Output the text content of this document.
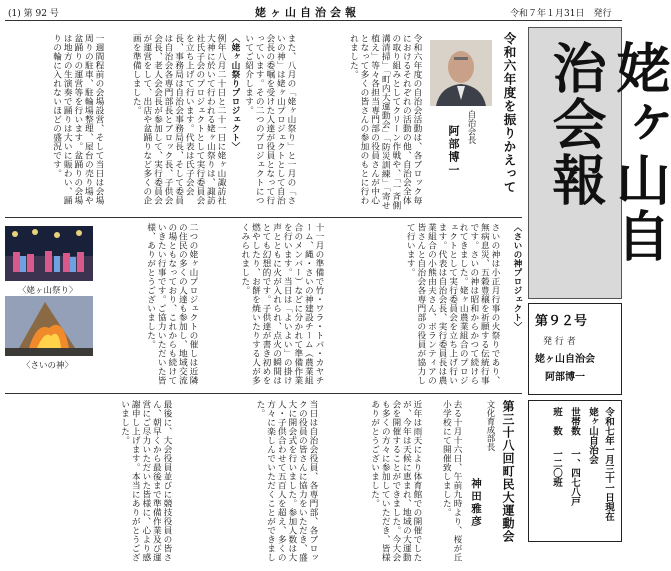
(1) 第 92 号	姥ヶ山自治会報	令和７年１月31日　発行
姥ヶ山自治会報
第９２号
発 行 者
姥ヶ山自治会
阿部博一
令和七年一月三十一日現在
姥ヶ山自治会
世帯数
一、四七八戸
班　数
一二〇班
令和六年度を振りかえって
自治会長
阿部博一
令和六年度の自治会活動は、各ブロック毎におけるそれぞれの活動の他、自治会全体の取り組みとしてクリーン作戦や、「一斉側溝清掃」「町内大運動会」「防災訓練」「寄せ植え」等々各担当専門部の役員さんが中心となって多くの皆さんの参加のもとに行われました。
また、八月の「姥ヶ山祭り」と一月の「さいの神」は姥ヶ山プロジェクトとして自治会長の委嘱を受けた人達が役員となって行っています。その二つのプロジェクトについてご紹介します。
〈姥ヶ山祭りプロジェクト〉
例年八月二十日と二十一日に姥ヶ山諏訪社大神に於いて行われる姥ヶ山祭りは、諏訪社氏子会のプロジェクトとして実行委員会を立ち上げて行います。代表は氏子会会長、事務局は自治会事務局長、そして委員は自治会各専門部長とブロック長、子供会会長、老人会会長が参加して、実行委員会が運営をして、出店や盆踊りなど多くの企画を準備しました。
一週間程前の会場設営、そして当日は会場周りの駐車、駐輪場整理、屋台の売り場や盆踊りの運営等を行います。盆踊りの会場は地方の生演奏で踊りは大いに賑わい、踊りの輪に入れないほどの盛況です。
〈さいの神プロジェクト〉
さいの神は小正月行事の火祭りであり、無病息災、五穀豊穣を祈願する伝統行事です。さいの神は昭和からかつて続けられてきました。姥ヶ山農業組合のプロジェクトとして実行委員会を立ち上げ行います。代表は自治会長、実行委員長は農業組合の小熊由夫さん、ボランティアの皆さんと自治会各専門部の役員が協力して行います。
十一月の準備で竹・ワラ・トバ・カヤチーム、縄・さいの神建設チーム（農業組合のメンバー）などに分かれて準備作業を行います。当日は「よいよい」の掛け声とともに火が入れられ、点火の瞬間はとても幻想的です。子供達が書き初めを燃やしたり、お餅を焼いたりする人が多くみられました。
二つの姥ヶ山プロジェクトの催しは近隣の住民の多くの人達も参加し、地域交流の場ともなっており、これからも続けていきたい行事です。ご協力いただいた皆様、ありがとうございました。
〈姥ヶ山祭り〉
〈さいの神〉
第三十八回町民大運動会
文化育成部長
神田雅彦
去る十月十六日、午前九時より、桜が丘小学校にて開催致しました。
近年は雨天により体育館での開催でしたが、今年は天候に恵まれ、地域の大運動会を開催することができました。今大会も多くの方々に参加していただき、皆様ありがとうございました。
当日は自治会役員、各専門部、各ブロックの役員の皆さんに協力をいただき、盛大に開会式を行いました。参加人数は大人・子供合わせて五百人を超え、多くの方々に楽しんでいただくことができました。
最後に、大会役員並びに競技役員の皆さん、朝早くから最後まで準備作業及び運営にご尽力いただいた皆様に、心より感謝申し上げます。本当にありがとうございました。
